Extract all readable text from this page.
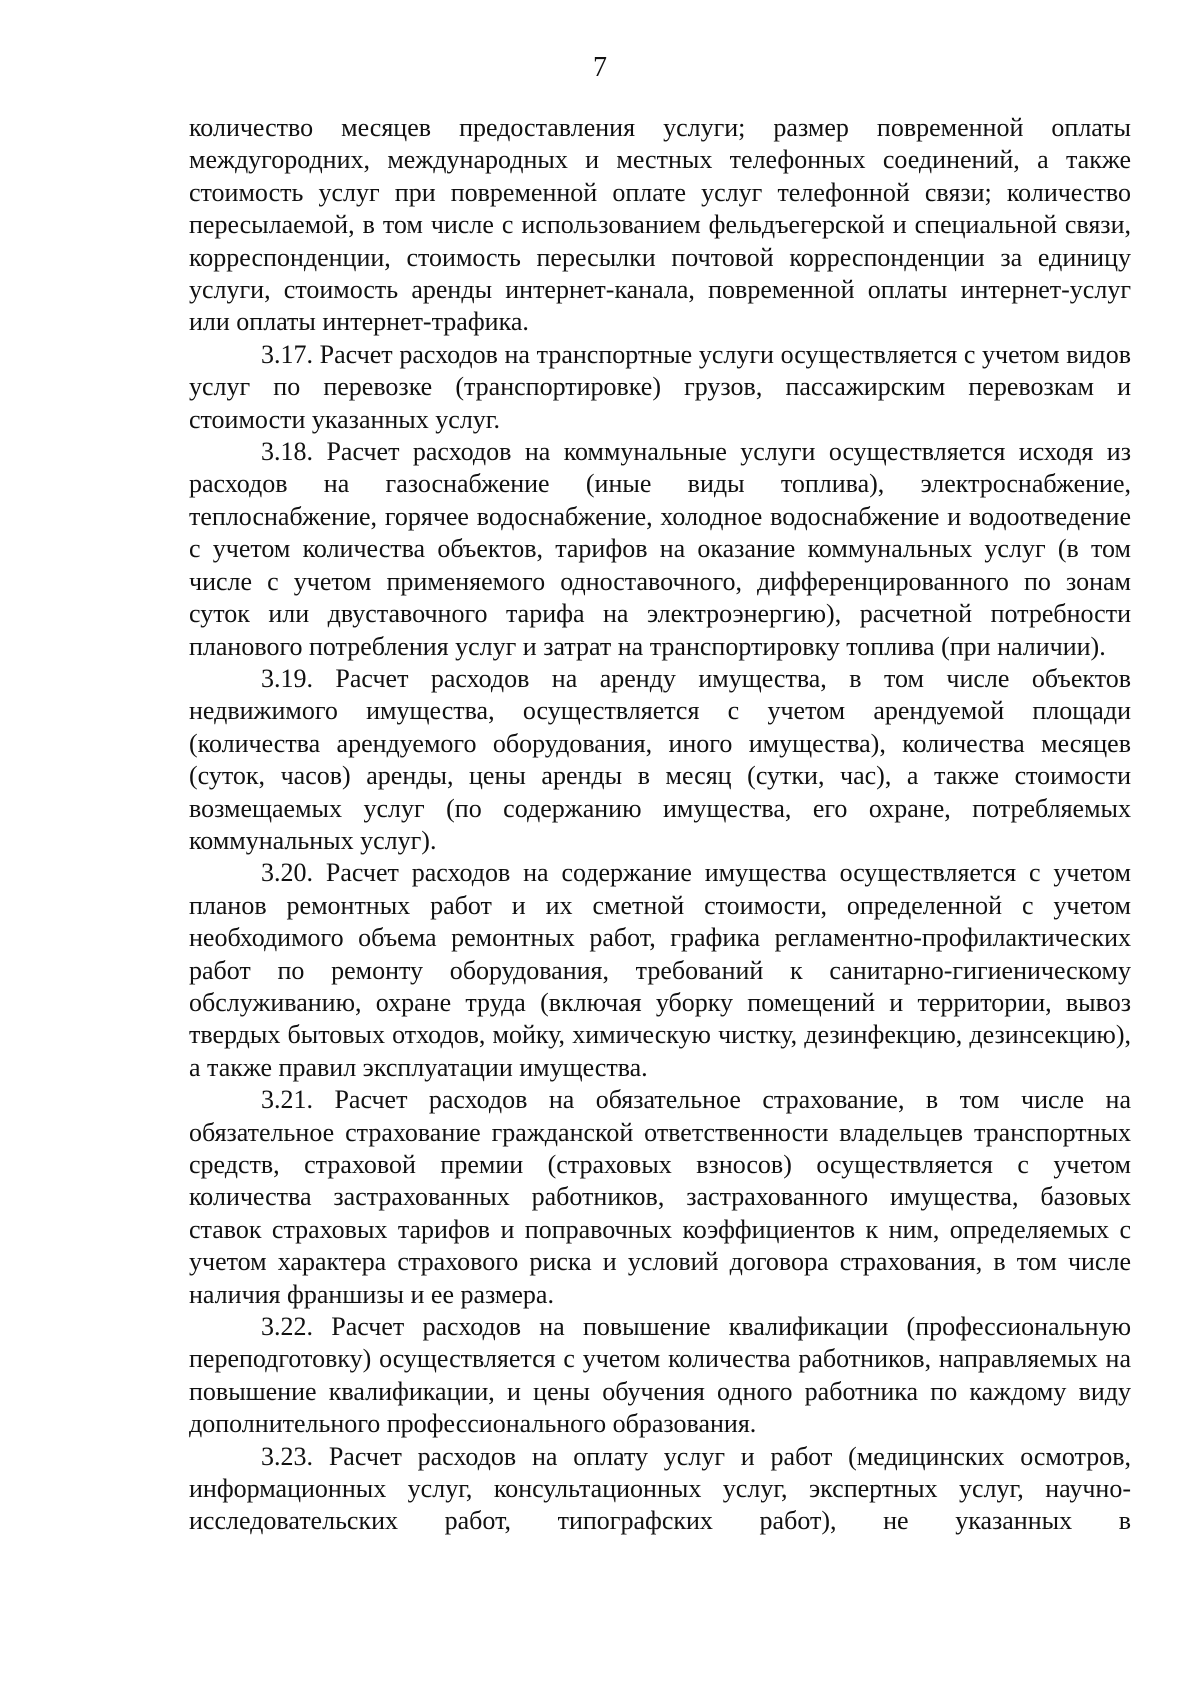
7

количество месяцев предоставления услуги; размер повременной оплаты междугородних, международных и местных телефонных соединений, а также стоимость услуг при повременной оплате услуг телефонной связи; количество пересылаемой, в том числе с использованием фельдъегерской и специальной связи, корреспонденции, стоимость пересылки почтовой корреспонденции за единицу услуги, стоимость аренды интернет-канала, повременной оплаты интернет-услуг или оплаты интернет-трафика.

3.17. Расчет расходов на транспортные услуги осуществляется с учетом видов услуг по перевозке (транспортировке) грузов, пассажирским перевозкам и стоимости указанных услуг.

3.18. Расчет расходов на коммунальные услуги осуществляется исходя из расходов на газоснабжение (иные виды топлива), электроснабжение, теплоснабжение, горячее водоснабжение, холодное водоснабжение и водоотведение с учетом количества объектов, тарифов на оказание коммунальных услуг (в том числе с учетом применяемого одноставочного, дифференцированного по зонам суток или двуставочного тарифа на электроэнергию), расчетной потребности планового потребления услуг и затрат на транспортировку топлива (при наличии).

3.19. Расчет расходов на аренду имущества, в том числе объектов недвижимого имущества, осуществляется с учетом арендуемой площади (количества арендуемого оборудования, иного имущества), количества месяцев (суток, часов) аренды, цены аренды в месяц (сутки, час), а также стоимости возмещаемых услуг (по содержанию имущества, его охране, потребляемых коммунальных услуг).

3.20. Расчет расходов на содержание имущества осуществляется с учетом планов ремонтных работ и их сметной стоимости, определенной с учетом необходимого объема ремонтных работ, графика регламентно-профилактических работ по ремонту оборудования, требований к санитарно-гигиеническому обслуживанию, охране труда (включая уборку помещений и территории, вывоз твердых бытовых отходов, мойку, химическую чистку, дезинфекцию, дезинсекцию), а также правил эксплуатации имущества.

3.21. Расчет расходов на обязательное страхование, в том числе на обязательное страхование гражданской ответственности владельцев транспортных средств, страховой премии (страховых взносов) осуществляется с учетом количества застрахованных работников, застрахованного имущества, базовых ставок страховых тарифов и поправочных коэффициентов к ним, определяемых с учетом характера страхового риска и условий договора страхования, в том числе наличия франшизы и ее размера.

3.22. Расчет расходов на повышение квалификации (профессиональную переподготовку) осуществляется с учетом количества работников, направляемых на повышение квалификации, и цены обучения одного работника по каждому виду дополнительного профессионального образования.

3.23. Расчет расходов на оплату услуг и работ (медицинских осмотров, информационных услуг, консультационных услуг, экспертных услуг, научно-исследовательских работ, типографских работ), не указанных в
